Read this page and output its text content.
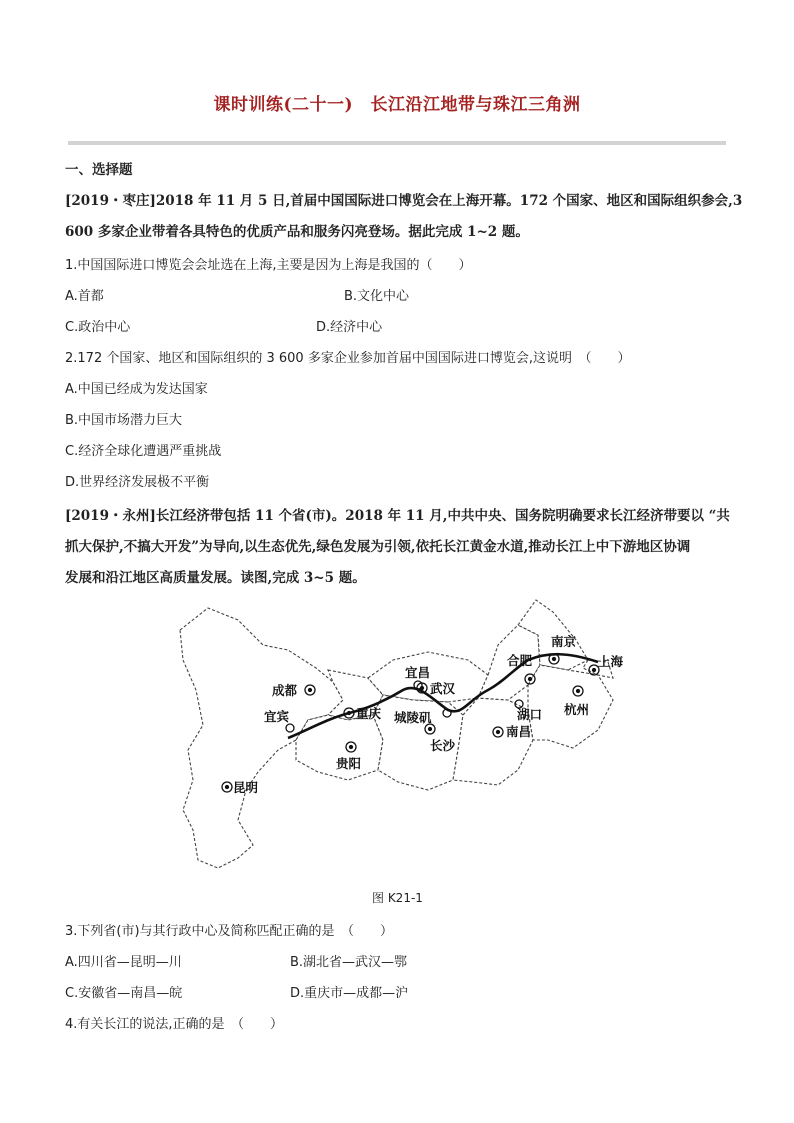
课时训练(二十一)　长江沿江地带与珠江三角洲
一、选择题
[2019・枣庄]2018 年 11 月 5 日,首届中国国际进口博览会在上海开幕。172 个国家、地区和国际组织参会,3
600 多家企业带着各具特色的优质产品和服务闪亮登场。据此完成 1~2 题。
1.中国国际进口博览会会址选在上海,主要是因为上海是我国的（　　）
A.首都	B.文化中心
C.政治中心	D.经济中心
2.172 个国家、地区和国际组织的 3 600 多家企业参加首届中国国际进口博览会,这说明　（　　）
A.中国已经成为发达国家
B.中国市场潜力巨大
C.经济全球化遭遇严重挑战
D.世界经济发展极不平衡
[2019・永州]长江经济带包括 11 个省(市)。2018 年 11 月,中共中央、国务院明确要求长江经济带要以 “共
抓大保护,不搞大开发”为导向,以生态优先,绿色发展为引领,依托长江黄金水道,推动长江上中下游地区协调
发展和沿江地区高质量发展。读图,完成 3~5 题。
成都
宜宾	重庆
贵阳
昆明
宜昌
武汉
城陵矶
长沙
南昌
湖口
合肥
南京
上海
杭州
图 K21-1
3.下列省(市)与其行政中心及简称匹配正确的是　（　　）
A.四川省—昆明—川	B.湖北省—武汉—鄂
C.安徽省—南昌—皖	D.重庆市—成都—沪
4.有关长江的说法,正确的是　（　　）
